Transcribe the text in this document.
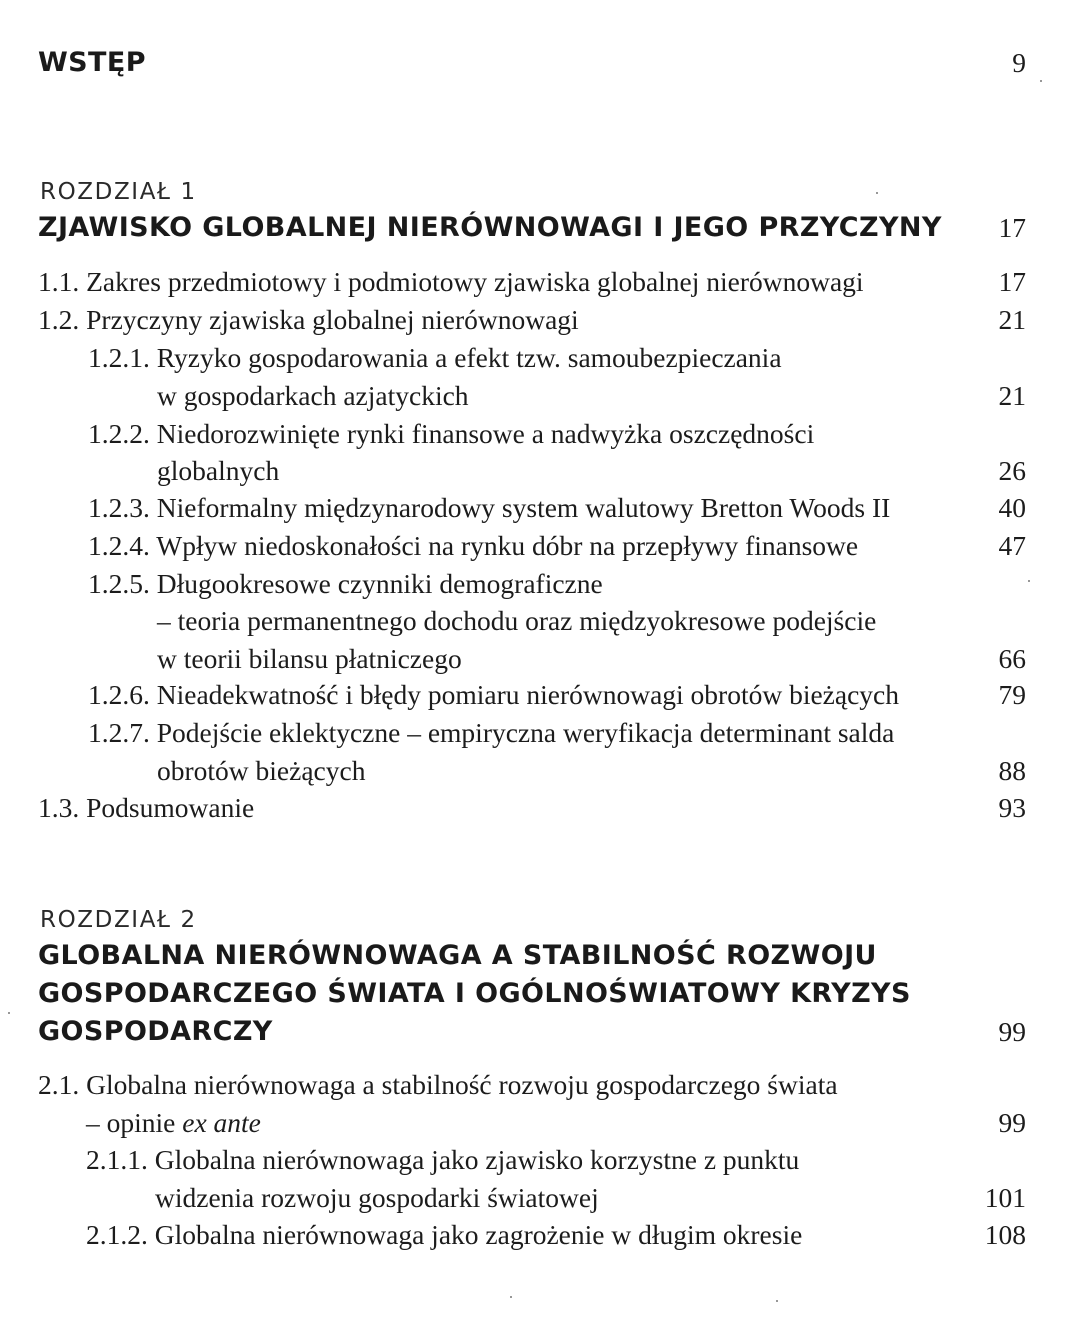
WSTĘP	9
ROZDZIAŁ 1
ZJAWISKO GLOBALNEJ NIERÓWNOWAGI I JEGO PRZYCZYNY 17
1.1. Zakres przedmiotowy i podmiotowy zjawiska globalnej nierównowagi	17
1.2. Przyczyny zjawiska globalnej nierównowagi	21
1.2.1. Ryzyko gospodarowania a efekt tzw. samoubezpieczania
w gospodarkach azjatyckich	21
1.2.2. Niedorozwinięte rynki finansowe a nadwyżka oszczędności
globalnych	26
1.2.3. Nieformalny międzynarodowy system walutowy Bretton Woods II	40
1.2.4. Wpływ niedoskonałości na rynku dóbr na przepływy finansowe	47
1.2.5. Długookresowe czynniki demograficzne
– teoria permanentnego dochodu oraz międzyokresowe podejście
w teorii bilansu płatniczego	66
1.2.6. Nieadekwatność i błędy pomiaru nierównowagi obrotów bieżących	79
1.2.7. Podejście eklektyczne – empiryczna weryfikacja determinant salda
obrotów bieżących	88
1.3. Podsumowanie	93
ROZDZIAŁ 2
GLOBALNA NIERÓWNOWAGA A STABILNOŚĆ ROZWOJU
GOSPODARCZEGO ŚWIATA I OGÓLNOŚWIATOWY KRYZYS
GOSPODARCZY	99
2.1. Globalna nierównowaga a stabilność rozwoju gospodarczego świata
– opinie ex ante	99
2.1.1. Globalna nierównowaga jako zjawisko korzystne z punktu
widzenia rozwoju gospodarki światowej	101
2.1.2. Globalna nierównowaga jako zagrożenie w długim okresie	108
